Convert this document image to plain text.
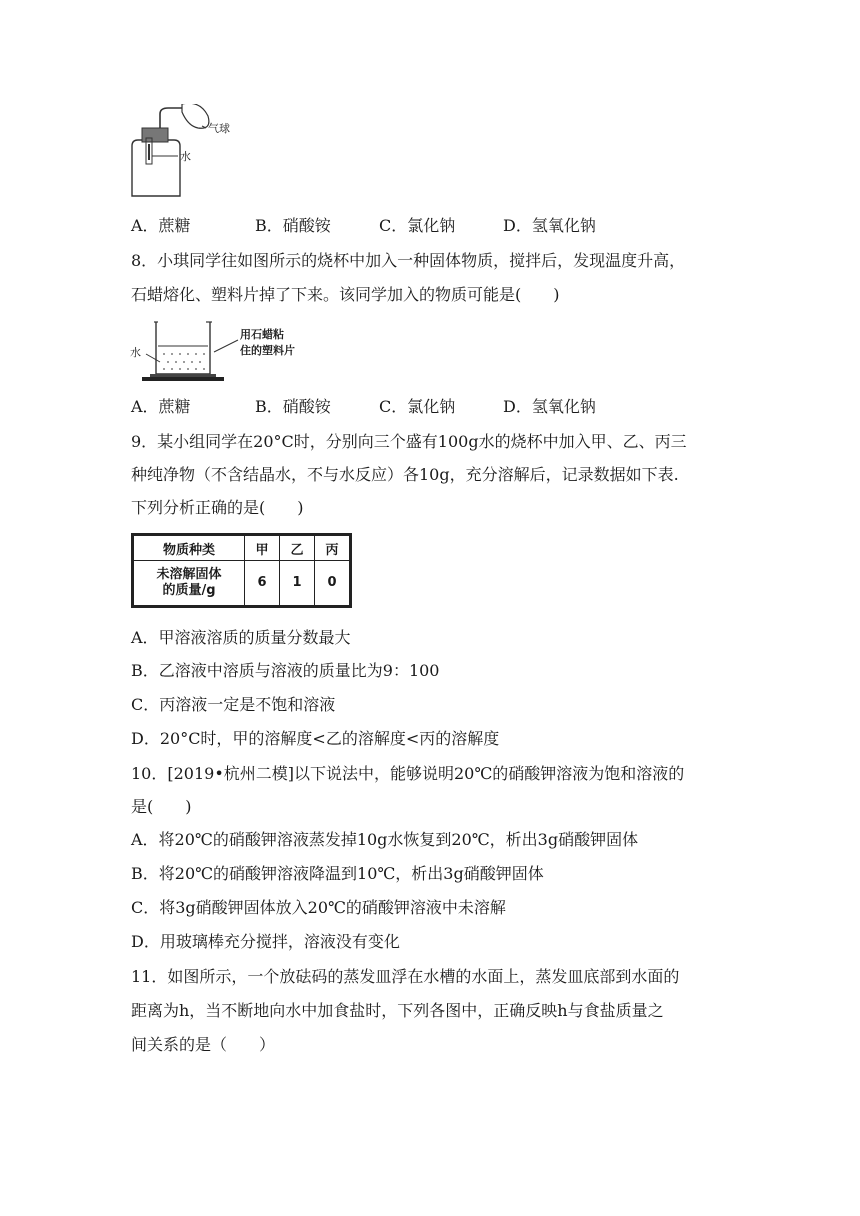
气球
水
A．蔗糖	B．硝酸铵	C．氯化钠	D．氢氧化钠
8．小琪同学往如图所示的烧杯中加入一种固体物质，搅拌后，发现温度升高，
石蜡熔化、塑料片掉了下来。该同学加入的物质可能是(　　)
水
用石蜡粘
住的塑料片
A．蔗糖	B．硝酸铵	C．氯化钠	D．氢氧化钠
9．某小组同学在20°C时，分别向三个盛有100g水的烧杯中加入甲、乙、丙三
种纯净物（不含结晶水，不与水反应）各10g，充分溶解后，记录数据如下表.
下列分析正确的是(　　)
物质种类	甲	乙	丙
未溶解固体
的质量/g	6	1	0
A．甲溶液溶质的质量分数最大
B．乙溶液中溶质与溶液的质量比为9：100
C．丙溶液一定是不饱和溶液
D．20°C时，甲的溶解度<乙的溶解度<丙的溶解度
10．[2019•杭州二模]以下说法中，能够说明20℃的硝酸钾溶液为饱和溶液的
是(　　)
A．将20℃的硝酸钾溶液蒸发掉10g水恢复到20℃，析出3g硝酸钾固体
B．将20℃的硝酸钾溶液降温到10℃，析出3g硝酸钾固体
C．将3g硝酸钾固体放入20℃的硝酸钾溶液中未溶解
D．用玻璃棒充分搅拌，溶液没有变化
11．如图所示，一个放砝码的蒸发皿浮在水槽的水面上，蒸发皿底部到水面的
距离为h，当不断地向水中加食盐时，下列各图中，正确反映h与食盐质量之
间关系的是（　　）
